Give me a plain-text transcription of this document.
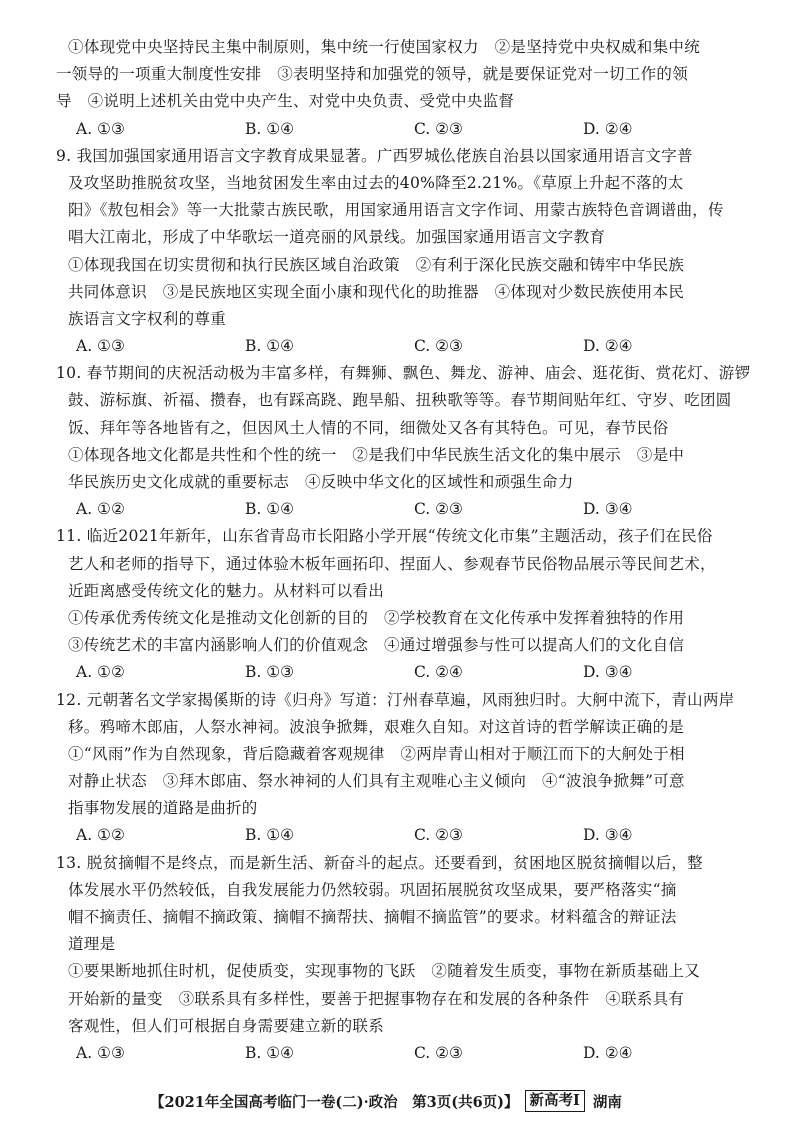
①体现党中央坚持民主集中制原则，集中统一行使国家权力　②是坚持党中央权威和集中统
一领导的一项重大制度性安排　③表明坚持和加强党的领导，就是要保证党对一切工作的领
导　④说明上述机关由党中央产生、对党中央负责、受党中央监督
A. ①③	B. ①④	C. ②③	D. ②④
9. 我国加强国家通用语言文字教育成果显著。广西罗城仫佬族自治县以国家通用语言文字普
及攻坚助推脱贫攻坚，当地贫困发生率由过去的40%降至2.21%。《草原上升起不落的太
阳》《敖包相会》等一大批蒙古族民歌，用国家通用语言文字作词、用蒙古族特色音调谱曲，传
唱大江南北，形成了中华歌坛一道亮丽的风景线。加强国家通用语言文字教育
①体现我国在切实贯彻和执行民族区域自治政策　②有利于深化民族交融和铸牢中华民族
共同体意识　③是民族地区实现全面小康和现代化的助推器　④体现对少数民族使用本民
族语言文字权利的尊重
A. ①③	B. ①④	C. ②③	D. ②④
10. 春节期间的庆祝活动极为丰富多样，有舞狮、飘色、舞龙、游神、庙会、逛花街、赏花灯、游锣
鼓、游标旗、祈福、攒春，也有踩高跷、跑旱船、扭秧歌等等。春节期间贴年红、守岁、吃团圆
饭、拜年等各地皆有之，但因风土人情的不同，细微处又各有其特色。可见，春节民俗
①体现各地文化都是共性和个性的统一　②是我们中华民族生活文化的集中展示　③是中
华民族历史文化成就的重要标志　④反映中华文化的区域性和顽强生命力
A. ①②	B. ①④	C. ②③	D. ③④
11. 临近2021年新年，山东省青岛市长阳路小学开展“传统文化市集”主题活动，孩子们在民俗
艺人和老师的指导下，通过体验木板年画拓印、捏面人、参观春节民俗物品展示等民间艺术，
近距离感受传统文化的魅力。从材料可以看出
①传承优秀传统文化是推动文化创新的目的　②学校教育在文化传承中发挥着独特的作用
③传统艺术的丰富内涵影响人们的价值观念　④通过增强参与性可以提高人们的文化自信
A. ①②	B. ①③	C. ②④	D. ③④
12. 元朝著名文学家揭傒斯的诗《归舟》写道：汀州春草遍，风雨独归时。大舸中流下，青山两岸
移。鸦啼木郎庙，人祭水神祠。波浪争掀舞，艰难久自知。对这首诗的哲学解读正确的是
①“风雨”作为自然现象，背后隐藏着客观规律　②两岸青山相对于顺江而下的大舸处于相
对静止状态　③拜木郎庙、祭水神祠的人们具有主观唯心主义倾向　④“波浪争掀舞”可意
指事物发展的道路是曲折的
A. ①②	B. ①④	C. ②③	D. ③④
13. 脱贫摘帽不是终点，而是新生活、新奋斗的起点。还要看到，贫困地区脱贫摘帽以后，整
体发展水平仍然较低，自我发展能力仍然较弱。巩固拓展脱贫攻坚成果，要严格落实“摘
帽不摘责任、摘帽不摘政策、摘帽不摘帮扶、摘帽不摘监管”的要求。材料蕴含的辩证法
道理是
①要果断地抓住时机，促使质变，实现事物的飞跃　②随着发生质变，事物在新质基础上又
开始新的量变　③联系具有多样性，要善于把握事物存在和发展的各种条件　④联系具有
客观性，但人们可根据自身需要建立新的联系
A. ①③	B. ①④	C. ②③	D. ②④
【2021年全国高考临门一卷(二)·政治　第3页(共6页)】 新高考Ⅰ 湖南
